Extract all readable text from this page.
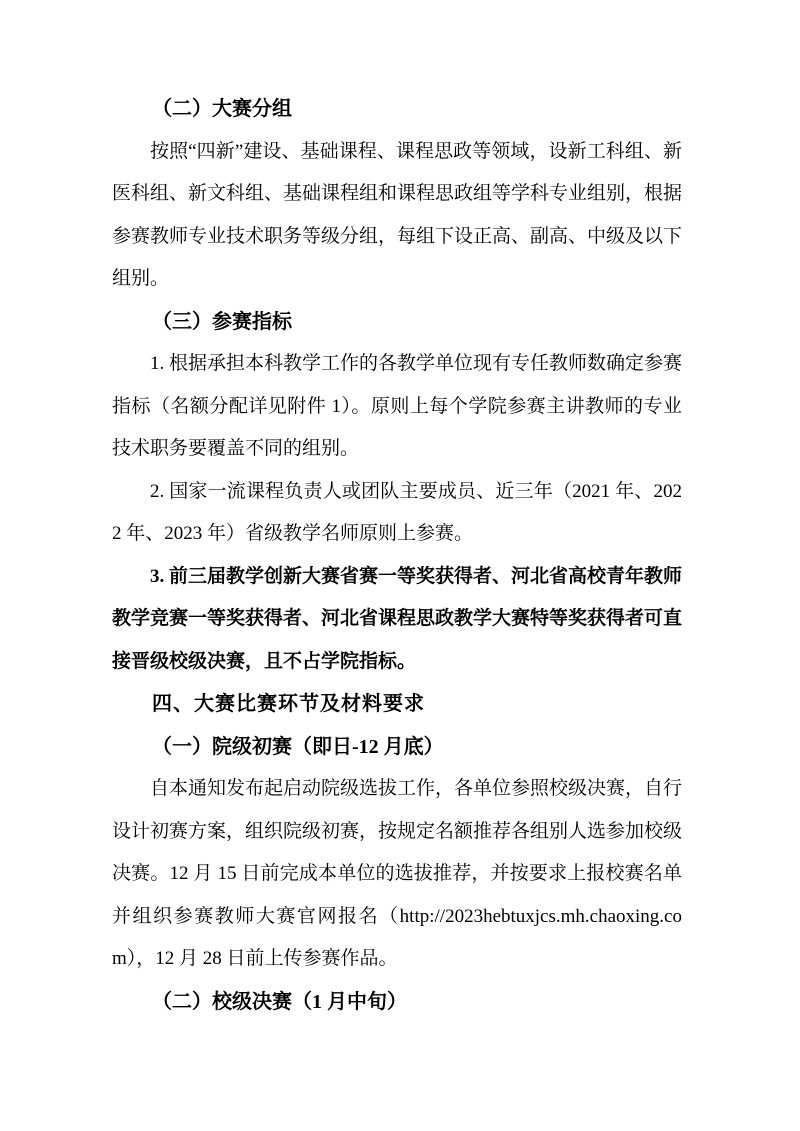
（二）大赛分组

按照“四新”建设、基础课程、课程思政等领域，设新工科组、新医科组、新文科组、基础课程组和课程思政组等学科专业组别，根据参赛教师专业技术职务等级分组，每组下设正高、副高、中级及以下组别。

（三）参赛指标

1. 根据承担本科教学工作的各教学单位现有专任教师数确定参赛指标（名额分配详见附件 1）。原则上每个学院参赛主讲教师的专业技术职务要覆盖不同的组别。

2. 国家一流课程负责人或团队主要成员、近三年（2021 年、2022 年、2023 年）省级教学名师原则上参赛。

3. 前三届教学创新大赛省赛一等奖获得者、河北省高校青年教师教学竞赛一等奖获得者、河北省课程思政教学大赛特等奖获得者可直接晋级校级决赛，且不占学院指标。

四、大赛比赛环节及材料要求

（一）院级初赛（即日-12 月底）

自本通知发布起启动院级选拔工作，各单位参照校级决赛，自行设计初赛方案，组织院级初赛，按规定名额推荐各组别人选参加校级决赛。12 月 15 日前完成本单位的选拔推荐，并按要求上报校赛名单并组织参赛教师大赛官网报名（http://2023hebtuxjcs.mh.chaoxing.com），12 月 28 日前上传参赛作品。

（二）校级决赛（1 月中旬）
